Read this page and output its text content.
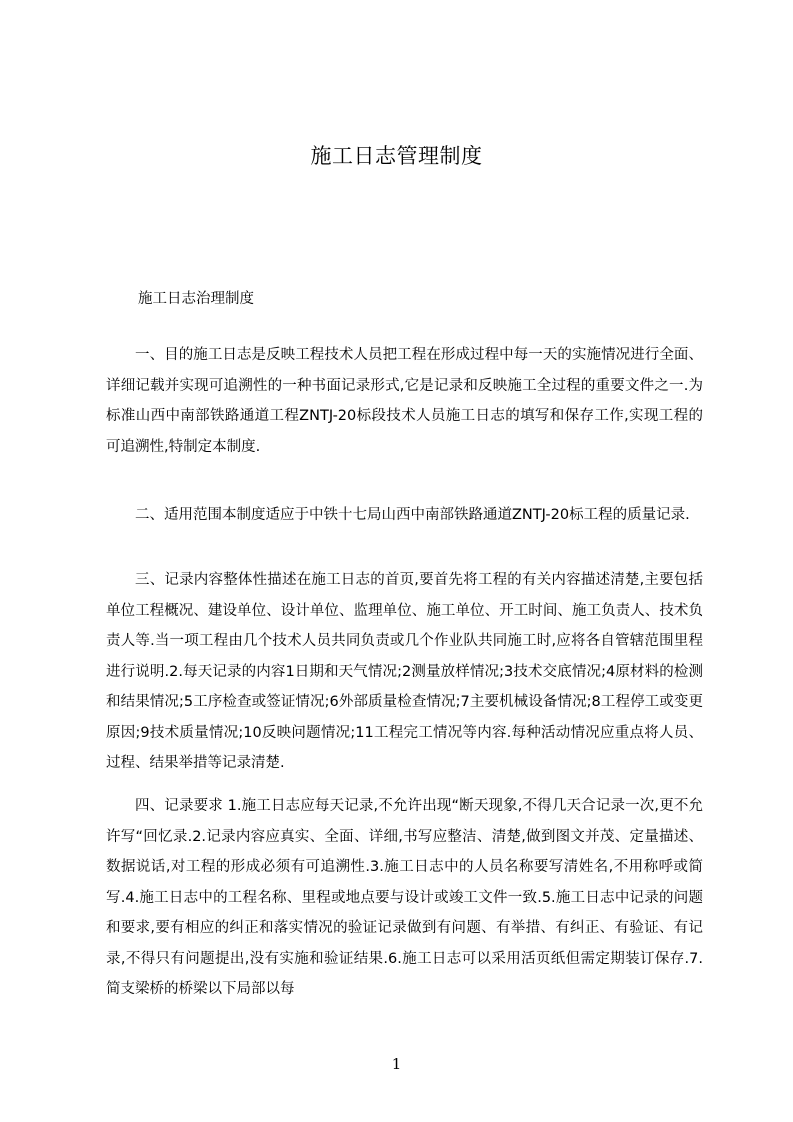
施工日志管理制度
施工日志治理制度

一、目的施工日志是反映工程技术人员把工程在形成过程中每一天的实施情况进行全面、详细记载并实现可追溯性的一种书面记录形式,它是记录和反映施工全过程的重要文件之一.为标准山西中南部铁路通道工程ZNTJ-20标段技术人员施工日志的填写和保存工作,实现工程的可追溯性,特制定本制度.

二、适用范围本制度适应于中铁十七局山西中南部铁路通道ZNTJ-20标工程的质量记录.

三、记录内容整体性描述在施工日志的首页,要首先将工程的有关内容描述清楚,主要包括单位工程概况、建设单位、设计单位、监理单位、施工单位、开工时间、施工负责人、技术负责人等.当一项工程由几个技术人员共同负责或几个作业队共同施工时,应将各自管辖范围里程进行说明.2.每天记录的内容1日期和天气情况;2测量放样情况;3技术交底情况;4原材料的检测和结果情况;5工序检查或签证情况;6外部质量检查情况;7主要机械设备情况;8工程停工或变更原因;9技术质量情况;10反映问题情况;11工程完工情况等内容.每种活动情况应重点将人员、过程、结果举措等记录清楚.

四、记录要求 1.施工日志应每天记录,不允许出现“断天现象,不得几天合记录一次,更不允许写“回忆录.2.记录内容应真实、全面、详细,书写应整洁、清楚,做到图文并茂、定量描述、数据说话,对工程的形成必须有可追溯性.3.施工日志中的人员名称要写清姓名,不用称呼或简写.4.施工日志中的工程名称、里程或地点要与设计或竣工文件一致.5.施工日志中记录的问题和要求,要有相应的纠正和落实情况的验证记录做到有问题、有举措、有纠正、有验证、有记录,不得只有问题提出,没有实施和验证结果.6.施工日志可以采用活页纸但需定期装订保存.7.简支梁桥的桥梁以下局部以每

1
